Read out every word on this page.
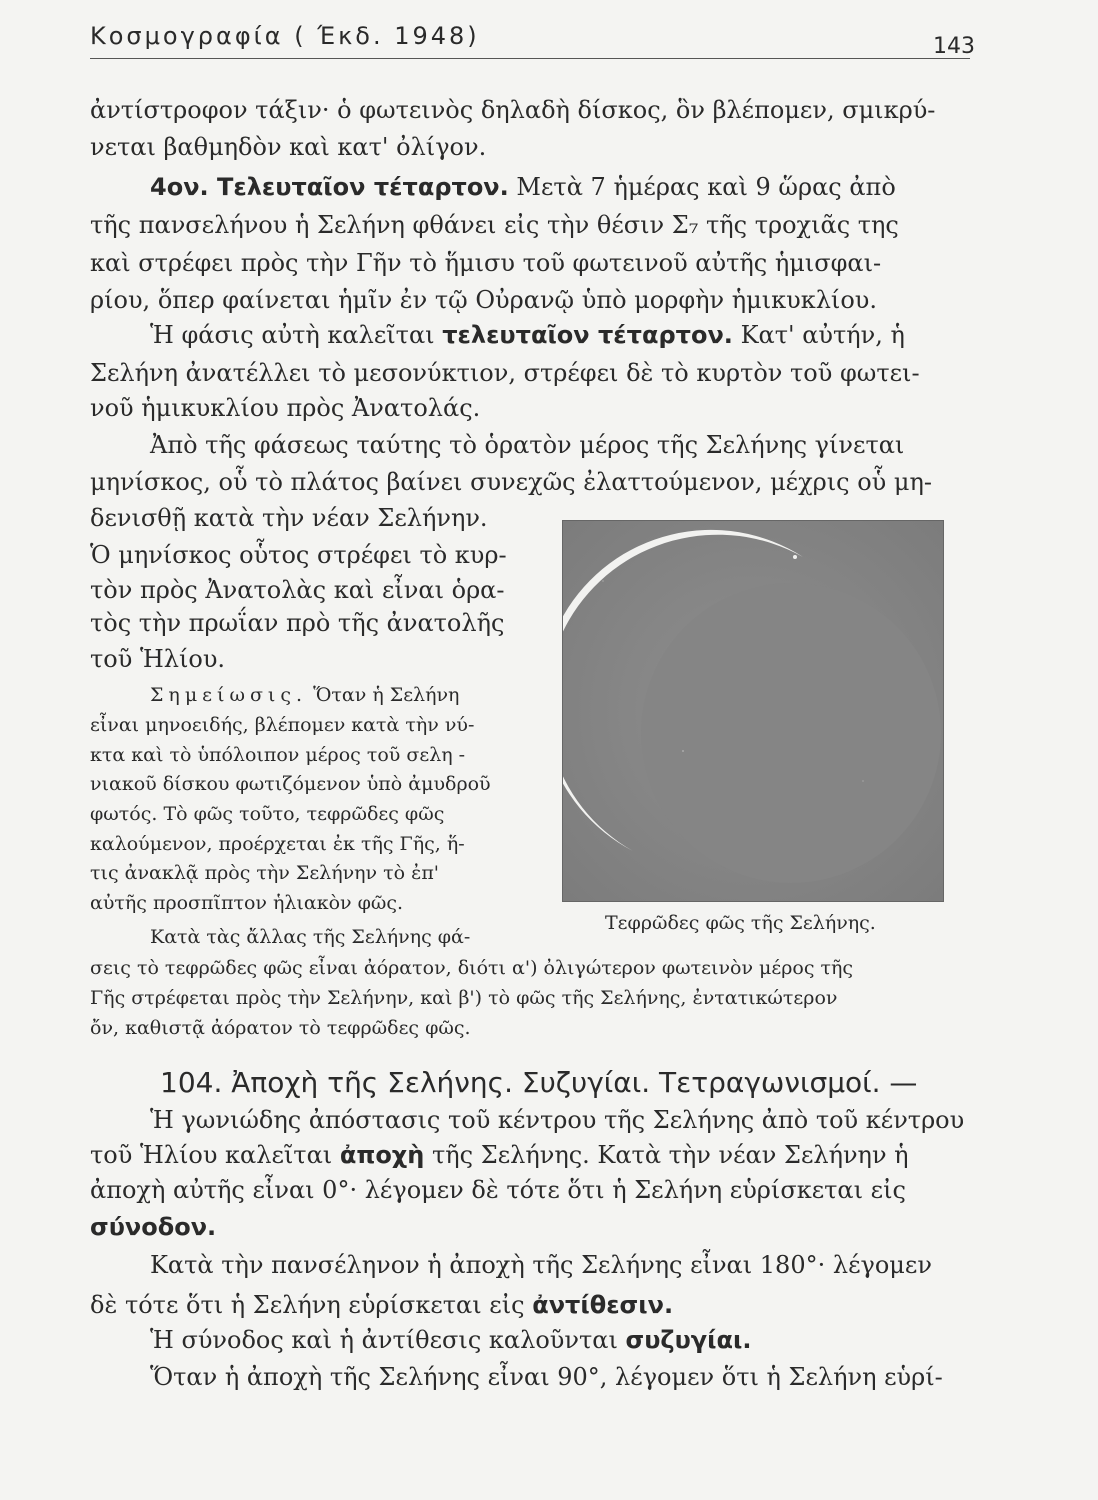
Κοσμογραφία ( Έκδ. 1948)	143
ἀντίστροφον τάξιν· ὁ φωτεινὸς δηλαδὴ δίσκος, ὃν βλέπομεν, σμικρύ-
νεται βαθμηδὸν καὶ κατ' ὀλίγον.
4ον. Τελευταῖον τέταρτον. Μετὰ 7 ἡμέρας καὶ 9 ὥρας ἀπὸ
τῆς πανσελήνου ἡ Σελήνη φθάνει εἰς τὴν θέσιν Σ₇ τῆς τροχιᾶς της
καὶ στρέφει πρὸς τὴν Γῆν τὸ ἥμισυ τοῦ φωτεινοῦ αὐτῆς ἡμισφαι-
ρίου, ὅπερ φαίνεται ἡμῖν ἐν τῷ Οὐρανῷ ὑπὸ μορφὴν ἡμικυκλίου.
Ἡ φάσις αὐτὴ καλεῖται τελευταῖον τέταρτον. Κατ' αὐτήν, ἡ
Σελήνη ἀνατέλλει τὸ μεσονύκτιον, στρέφει δὲ τὸ κυρτὸν τοῦ φωτει-
νοῦ ἡμικυκλίου πρὸς Ἀνατολάς.
Ἀπὸ τῆς φάσεως ταύτης τὸ ὁρατὸν μέρος τῆς Σελήνης γίνεται
μηνίσκος, οὗ τὸ πλάτος βαίνει συνεχῶς ἐλαττούμενον, μέχρις οὗ μη-
δενισθῇ κατὰ τὴν νέαν Σελήνην.
Ὁ μηνίσκος οὗτος στρέφει τὸ κυρ-
τὸν πρὸς Ἀνατολὰς καὶ εἶναι ὁρα-
τὸς τὴν πρωΐαν πρὸ τῆς ἀνατολῆς
τοῦ Ἡλίου.
Σημείωσις. Ὅταν ἡ Σελήνη
εἶναι μηνοειδής, βλέπομεν κατὰ τὴν νύ-
κτα καὶ τὸ ὑπόλοιπον μέρος τοῦ σελη -
νιακοῦ δίσκου φωτιζόμενον ὑπὸ ἀμυδροῦ
φωτός. Τὸ φῶς τοῦτο, τεφρῶδες φῶς
καλούμενον, προέρχεται ἐκ τῆς Γῆς, ἥ-
τις ἀνακλᾷ πρὸς τὴν Σελήνην τὸ ἐπ'
αὐτῆς προσπῖπτον ἡλιακὸν φῶς.
Κατὰ τὰς ἄλλας τῆς Σελήνης φά-
σεις τὸ τεφρῶδες φῶς εἶναι ἀόρατον, διότι α') ὀλιγώτερον φωτεινὸν μέρος τῆς
Γῆς στρέφεται πρὸς τὴν Σελήνην, καὶ β') τὸ φῶς τῆς Σελήνης, ἐντατικώτερον
ὄν, καθιστᾷ ἀόρατον τὸ τεφρῶδες φῶς.
Τεφρῶδες φῶς τῆς Σελήνης.
104. Ἀποχὴ τῆς Σελήνης. Συζυγίαι. Τετραγωνισμοί. —
Ἡ γωνιώδης ἀπόστασις τοῦ κέντρου τῆς Σελήνης ἀπὸ τοῦ κέντρου
τοῦ Ἡλίου καλεῖται ἀποχὴ τῆς Σελήνης. Κατὰ τὴν νέαν Σελήνην ἡ
ἀποχὴ αὐτῆς εἶναι 0°· λέγομεν δὲ τότε ὅτι ἡ Σελήνη εὑρίσκεται εἰς
σύνοδον.
Κατὰ τὴν πανσέληνον ἡ ἀποχὴ τῆς Σελήνης εἶναι 180°· λέγομεν
δὲ τότε ὅτι ἡ Σελήνη εὑρίσκεται εἰς ἀντίθεσιν.
Ἡ σύνοδος καὶ ἡ ἀντίθεσις καλοῦνται συζυγίαι.
Ὅταν ἡ ἀποχὴ τῆς Σελήνης εἶναι 90°, λέγομεν ὅτι ἡ Σελήνη εὑρί-
